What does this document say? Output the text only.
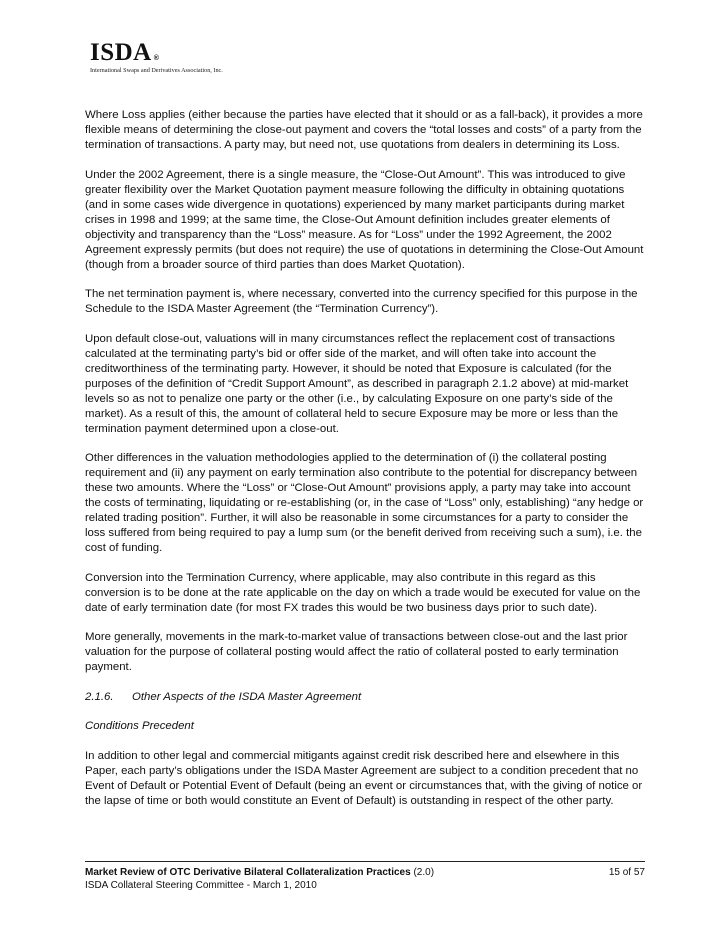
ISDA ®
International Swaps and Derivatives Association, Inc.

Where Loss applies (either because the parties have elected that it should or as a fall-back), it provides a more flexible means of determining the close-out payment and covers the “total losses and costs” of a party from the termination of transactions. A party may, but need not, use quotations from dealers in determining its Loss.

Under the 2002 Agreement, there is a single measure, the “Close-Out Amount”. This was introduced to give greater flexibility over the Market Quotation payment measure following the difficulty in obtaining quotations (and in some cases wide divergence in quotations) experienced by many market participants during market crises in 1998 and 1999; at the same time, the Close-Out Amount definition includes greater elements of objectivity and transparency than the “Loss” measure. As for “Loss” under the 1992 Agreement, the 2002 Agreement expressly permits (but does not require) the use of quotations in determining the Close-Out Amount (though from a broader source of third parties than does Market Quotation).

The net termination payment is, where necessary, converted into the currency specified for this purpose in the Schedule to the ISDA Master Agreement (the “Termination Currency”).

Upon default close-out, valuations will in many circumstances reflect the replacement cost of transactions calculated at the terminating party’s bid or offer side of the market, and will often take into account the creditworthiness of the terminating party. However, it should be noted that Exposure is calculated (for the purposes of the definition of “Credit Support Amount”, as described in paragraph 2.1.2 above) at mid-market levels so as not to penalize one party or the other (i.e., by calculating Exposure on one party’s side of the market). As a result of this, the amount of collateral held to secure Exposure may be more or less than the termination payment determined upon a close-out.

Other differences in the valuation methodologies applied to the determination of (i) the collateral posting requirement and (ii) any payment on early termination also contribute to the potential for discrepancy between these two amounts. Where the “Loss” or “Close-Out Amount” provisions apply, a party may take into account the costs of terminating, liquidating or re-establishing (or, in the case of “Loss” only, establishing) “any hedge or related trading position”. Further, it will also be reasonable in some circumstances for a party to consider the loss suffered from being required to pay a lump sum (or the benefit derived from receiving such a sum), i.e. the cost of funding.

Conversion into the Termination Currency, where applicable, may also contribute in this regard as this conversion is to be done at the rate applicable on the day on which a trade would be executed for value on the date of early termination date (for most FX trades this would be two business days prior to such date).

More generally, movements in the mark-to-market value of transactions between close-out and the last prior valuation for the purpose of collateral posting would affect the ratio of collateral posted to early termination payment.

2.1.6. Other Aspects of the ISDA Master Agreement

Conditions Precedent

In addition to other legal and commercial mitigants against credit risk described here and elsewhere in this Paper, each party’s obligations under the ISDA Master Agreement are subject to a condition precedent that no Event of Default or Potential Event of Default (being an event or circumstances that, with the giving of notice or the lapse of time or both would constitute an Event of Default) is outstanding in respect of the other party.

Market Review of OTC Derivative Bilateral Collateralization Practices (2.0)	15 of 57
ISDA Collateral Steering Committee - March 1, 2010
